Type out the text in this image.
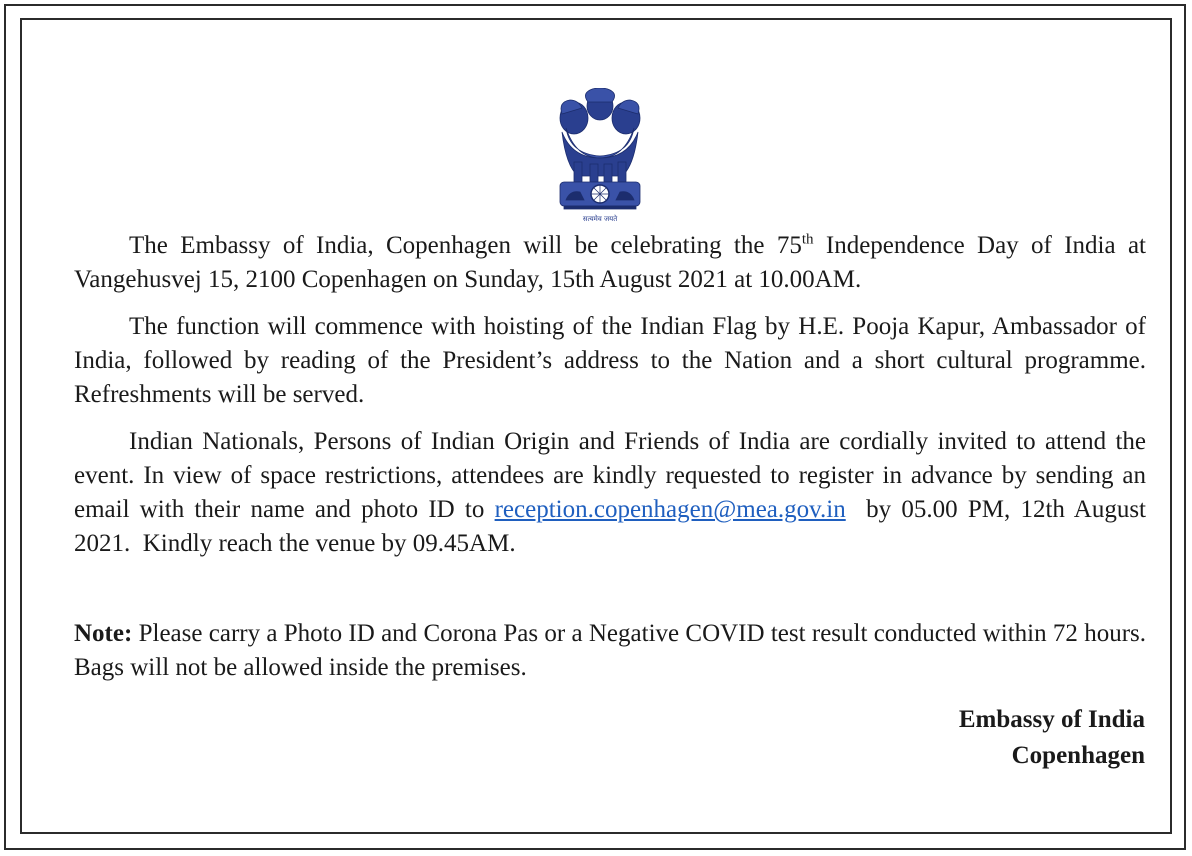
सत्यमेव जयते

The Embassy of India, Copenhagen will be celebrating the 75th Independence Day of India at Vangehusvej 15, 2100 Copenhagen on Sunday, 15th August 2021 at 10.00AM.

The function will commence with hoisting of the Indian Flag by H.E. Pooja Kapur, Ambassador of India, followed by reading of the President’s address to the Nation and a short cultural programme. Refreshments will be served.

Indian Nationals, Persons of Indian Origin and Friends of India are cordially invited to attend the event. In view of space restrictions, attendees are kindly requested to register in advance by sending an email with their name and photo ID to reception.copenhagen@mea.gov.in  by 05.00 PM, 12th August 2021.  Kindly reach the venue by 09.45AM.

Note: Please carry a Photo ID and Corona Pas or a Negative COVID test result conducted within 72 hours. Bags will not be allowed inside the premises.

Embassy of India
Copenhagen
